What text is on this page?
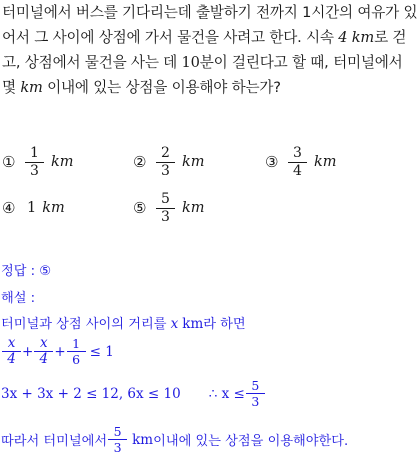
터미널에서 버스를 기다리는데 출발하기 전까지 1시간의 여유가 있
어서 그 사이에 상점에 가서 물건을 사려고 한다. 시속 4 km로 걷
고, 상점에서 물건을 사는 데 10분이 걸린다고 할 때, 터미널에서
몇 km 이내에 있는 상점을 이용해야 하는가?
① $\frac{1}{3}$ km	② $\frac{2}{3}$ km	③ $\frac{3}{4}$ km
④ 1 km	⑤ $\frac{5}{3}$ km
정답 : ⑤
해설 :
터미널과 상점 사이의 거리를 x km라 하면
$\frac{x}{4} + \frac{x}{4} + \frac{1}{6} \le 1$
3x + 3x + 2 ≤ 12, 6x ≤ 10 ∴ $x \le \frac{5}{3}$
따라서 터미널에서 $\frac{5}{3}$ km 이내에 있는 상점을 이용해야한다.
